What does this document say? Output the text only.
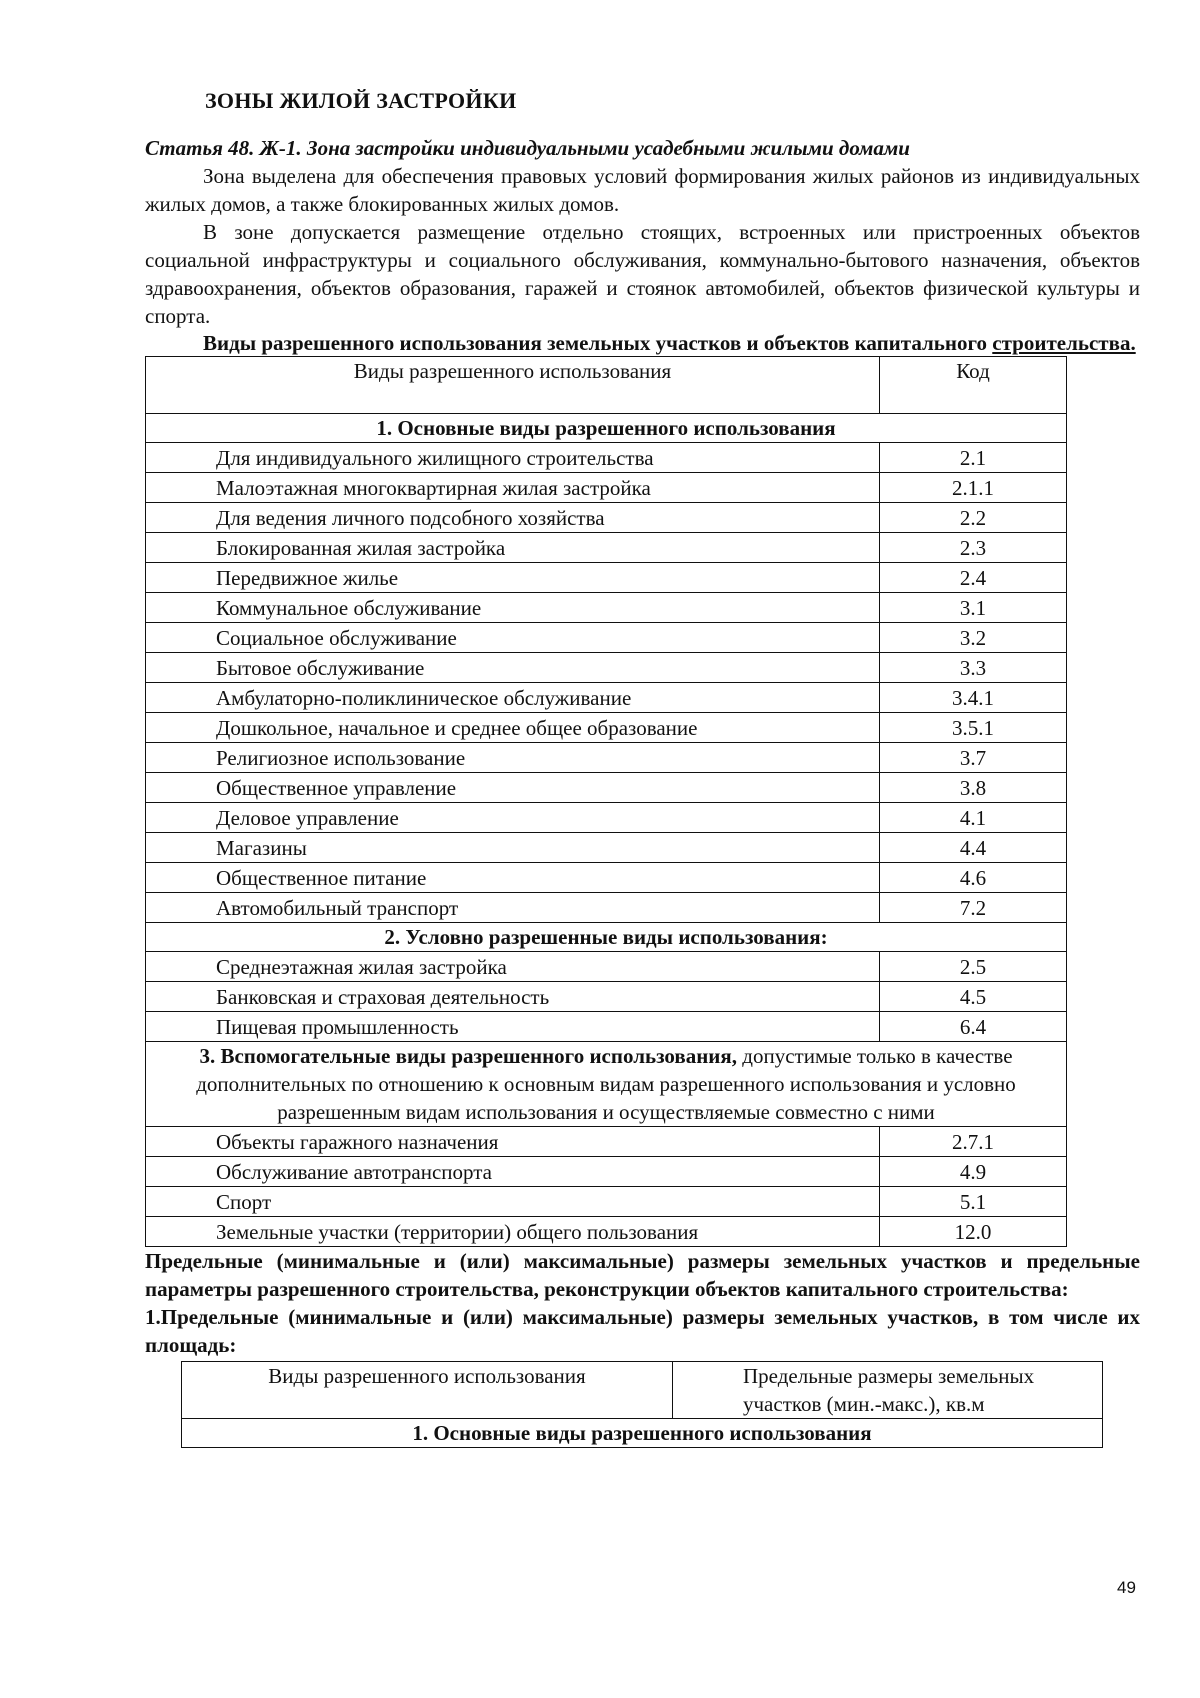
ЗОНЫ ЖИЛОЙ ЗАСТРОЙКИ

Статья 48. Ж-1. Зона застройки индивидуальными усадебными жилыми домами

Зона выделена для обеспечения правовых условий формирования жилых районов из индивидуальных жилых домов, а также блокированных жилых домов.

В зоне допускается размещение отдельно стоящих, встроенных или пристроенных объектов социальной инфраструктуры и социального обслуживания, коммунально-бытового назначения, объектов здравоохранения, объектов образования, гаражей и стоянок автомобилей, объектов физической культуры и спорта.

Виды разрешенного использования земельных участков и объектов капитального строительства.

Виды разрешенного использования	Код
1. Основные виды разрешенного использования	
Для индивидуального жилищного строительства	2.1
Малоэтажная многоквартирная жилая застройка	2.1.1
Для ведения личного подсобного хозяйства	2.2
Блокированная жилая застройка	2.3
Передвижное жилье	2.4
Коммунальное обслуживание	3.1
Социальное обслуживание	3.2
Бытовое обслуживание	3.3
Амбулаторно-поликлиническое обслуживание	3.4.1
Дошкольное, начальное и среднее общее образование	3.5.1
Религиозное использование	3.7
Общественное управление	3.8
Деловое управление	4.1
Магазины	4.4
Общественное питание	4.6
Автомобильный транспорт	7.2
2. Условно разрешенные виды использования:	
Среднеэтажная жилая застройка	2.5
Банковская и страховая деятельность	4.5
Пищевая промышленность	6.4
3. Вспомогательные виды разрешенного использования, допустимые только в качестве дополнительных по отношению к основным видам разрешенного использования и условно разрешенным видам использования и осуществляемые совместно с ними	
Объекты гаражного назначения	2.7.1
Обслуживание автотранспорта	4.9
Спорт	5.1
Земельные участки (территории) общего пользования	12.0

Предельные (минимальные и (или) максимальные) размеры земельных участков и предельные параметры разрешенного строительства, реконструкции объектов капитального строительства:

1.Предельные (минимальные и (или) максимальные) размеры земельных участков, в том числе их площадь:

Виды разрешенного использования	Предельные размеры земельных участков (мин.-макс.), кв.м
1. Основные виды разрешенного использования
49
